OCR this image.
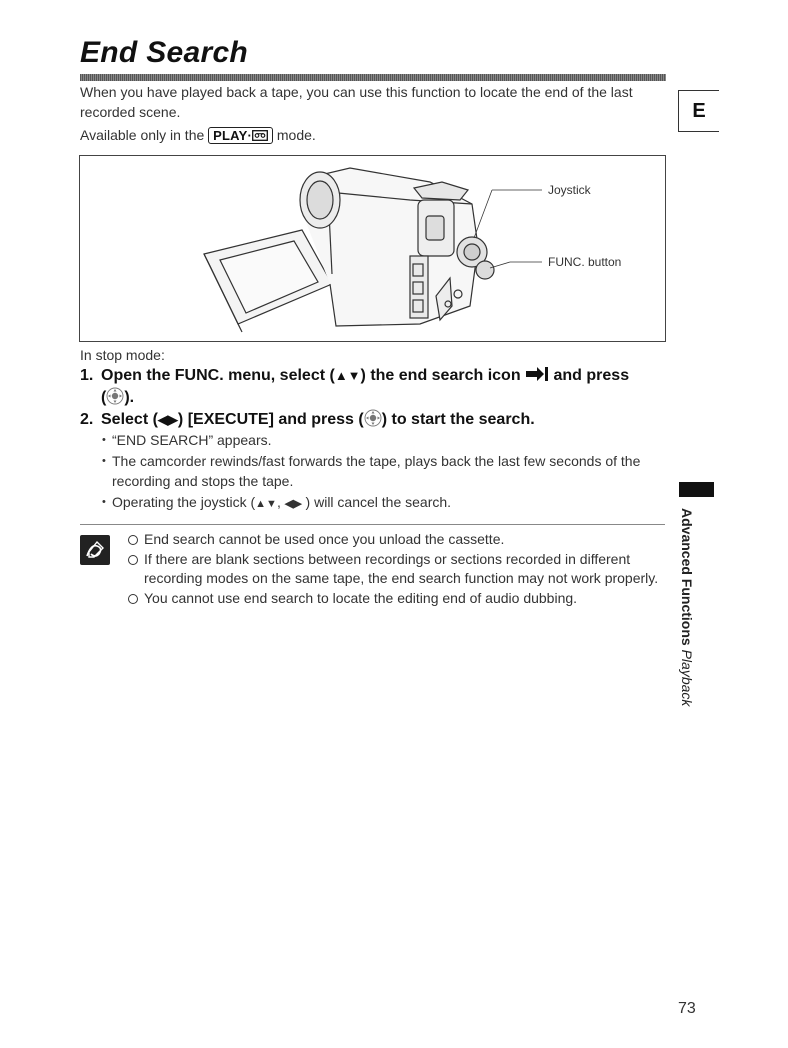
End Search

When you have played back a tape, you can use this function to locate the end of the last recorded scene.

Available only in the PLAY· mode.

E
Joystick
FUNC. button
In stop mode:
1. Open the FUNC. menu, select (▲▼) the end search icon and press
( ).
2. Select (◀▶) [EXECUTE] and press ( ) to start the search.
• “END SEARCH” appears.
• The camcorder rewinds/fast forwards the tape, plays back the last few seconds of the recording and stops the tape.
• Operating the joystick (▲▼, ◀▶ ) will cancel the search.
End search cannot be used once you unload the cassette.
If there are blank sections between recordings or sections recorded in different recording modes on the same tape, the end search function may not work properly.
You cannot use end search to locate the editing end of audio dubbing.	Advanced Functions Playback
73
